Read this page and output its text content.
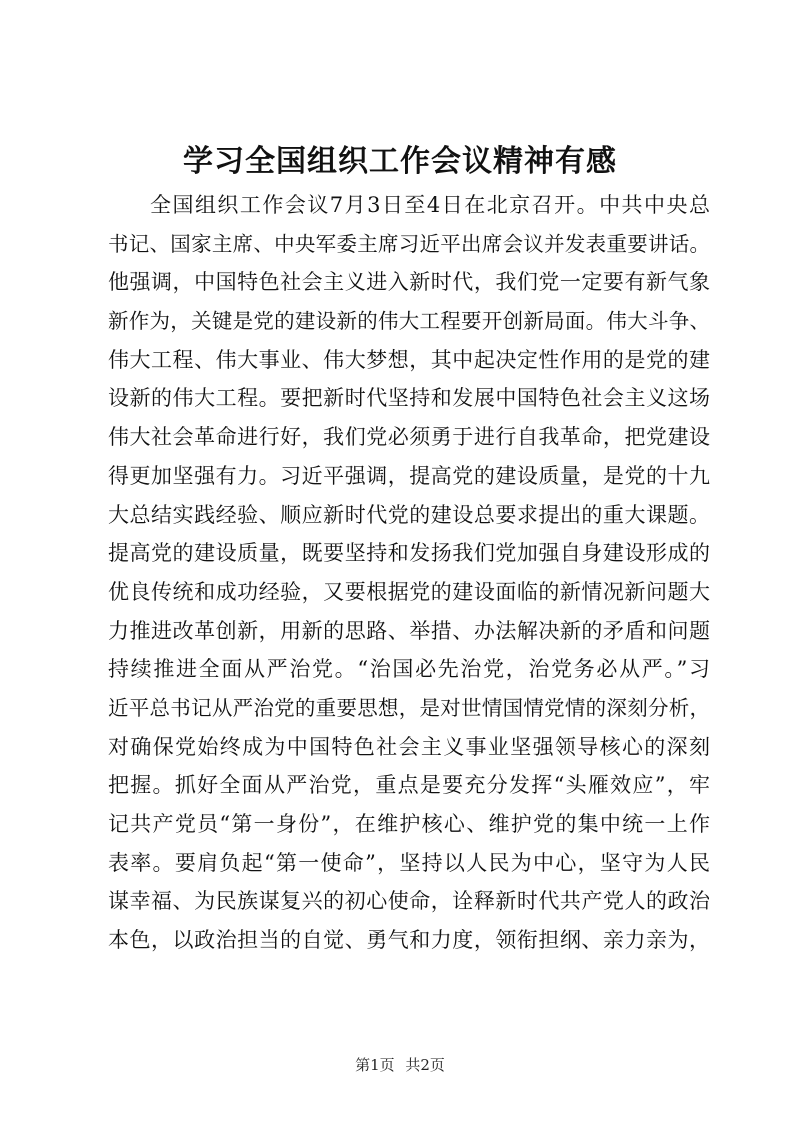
学习全国组织工作会议精神有感
全国组织工作会议7月3日至4日在北京召开。中共中央总
书记、国家主席、中央军委主席习近平出席会议并发表重要讲话。
他强调，中国特色社会主义进入新时代，我们党一定要有新气象
新作为，关键是党的建设新的伟大工程要开创新局面。伟大斗争、
伟大工程、伟大事业、伟大梦想，其中起决定性作用的是党的建
设新的伟大工程。要把新时代坚持和发展中国特色社会主义这场
伟大社会革命进行好，我们党必须勇于进行自我革命，把党建设
得更加坚强有力。习近平强调，提高党的建设质量，是党的十九
大总结实践经验、顺应新时代党的建设总要求提出的重大课题。
提高党的建设质量，既要坚持和发扬我们党加强自身建设形成的
优良传统和成功经验，又要根据党的建设面临的新情况新问题大
力推进改革创新，用新的思路、举措、办法解决新的矛盾和问题
持续推进全面从严治党。“治国必先治党，治党务必从严。”习
近平总书记从严治党的重要思想，是对世情国情党情的深刻分析，
对确保党始终成为中国特色社会主义事业坚强领导核心的深刻
把握。抓好全面从严治党，重点是要充分发挥“头雁效应”，牢
记共产党员“第一身份”，在维护核心、维护党的集中统一上作
表率。要肩负起“第一使命”，坚持以人民为中心，坚守为人民
谋幸福、为民族谋复兴的初心使命，诠释新时代共产党人的政治
本色，以政治担当的自觉、勇气和力度，领衔担纲、亲力亲为，
第1页 共2页
